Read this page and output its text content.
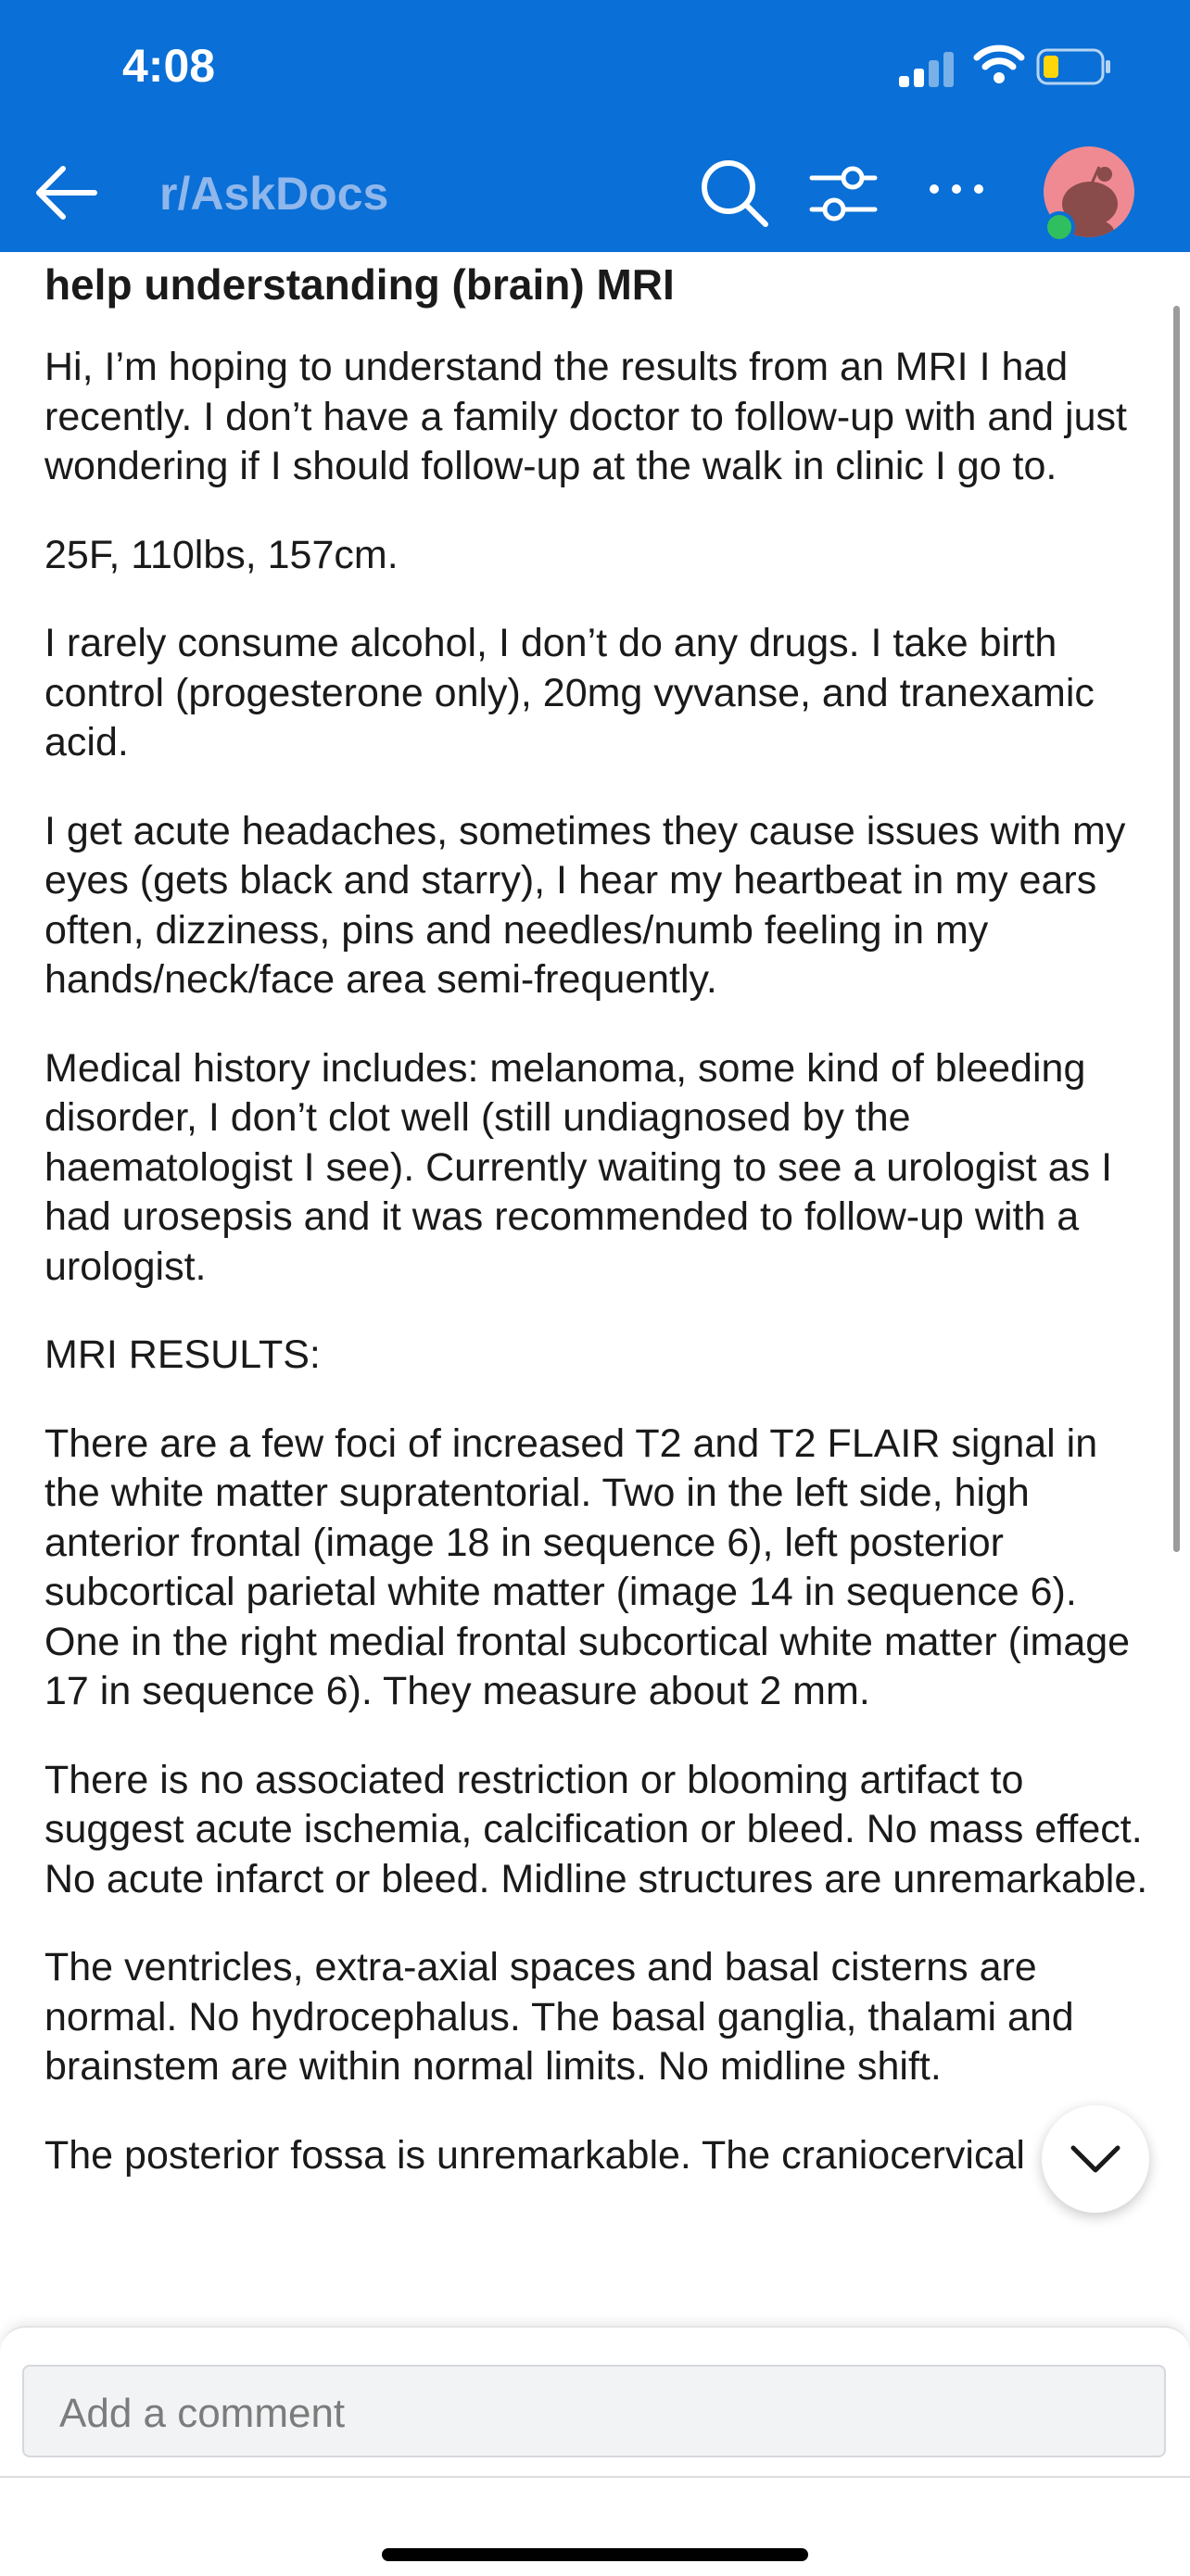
4:08
r/AskDocs
help understanding (brain) MRI

Hi, I’m hoping to understand the results from an MRI I had recently. I don’t have a family doctor to follow-up with and just wondering if I should follow-up at the walk in clinic I go to.

25F, 110lbs, 157cm.

I rarely consume alcohol, I don’t do any drugs. I take birth control (progesterone only), 20mg vyvanse, and tranexamic acid.

I get acute headaches, sometimes they cause issues with my eyes (gets black and starry), I hear my heartbeat in my ears often, dizziness, pins and needles/numb feeling in my hands/neck/face area semi-frequently.

Medical history includes: melanoma, some kind of bleeding disorder, I don’t clot well (still undiagnosed by the haematologist I see). Currently waiting to see a urologist as I had urosepsis and it was recommended to follow-up with a urologist.

MRI RESULTS:

There are a few foci of increased T2 and T2 FLAIR signal in the white matter supratentorial. Two in the left side, high anterior frontal (image 18 in sequence 6), left posterior subcortical parietal white matter (image 14 in sequence 6). One in the right medial frontal subcortical white matter (image 17 in sequence 6). They measure about 2 mm.

There is no associated restriction or blooming artifact to suggest acute ischemia, calcification or bleed. No mass effect. No acute infarct or bleed. Midline structures are unremarkable.

The ventricles, extra-axial spaces and basal cisterns are normal. No hydrocephalus. The basal ganglia, thalami and brainstem are within normal limits. No midline shift.

The posterior fossa is unremarkable. The craniocervical

Add a comment
